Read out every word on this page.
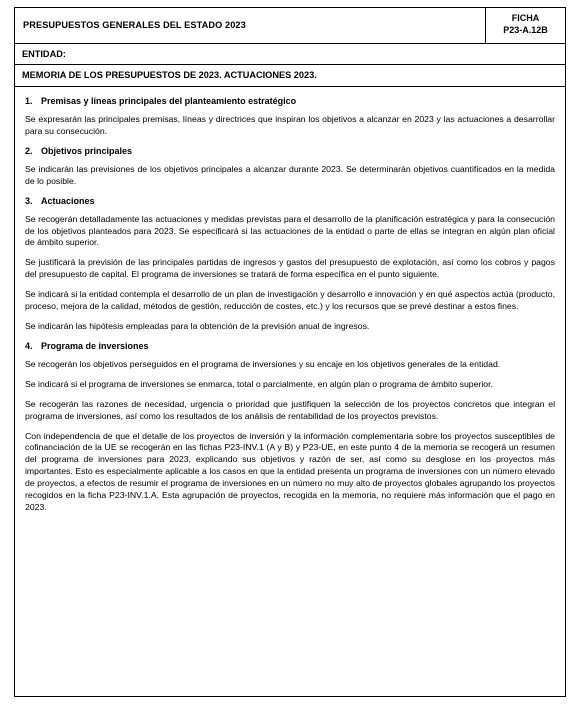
PRESUPUESTOS GENERALES DEL ESTADO 2023
FICHA
P23-A.12B
ENTIDAD:
MEMORIA DE LOS PRESUPUESTOS DE 2023. ACTUACIONES 2023.
1. Premisas y líneas principales del planteamiento estratégico

Se expresarán las principales premisas, líneas y directrices que inspiran los objetivos a alcanzar en 2023 y las actuaciones a desarrollar para su consecución.

2. Objetivos principales

Se indicarán las previsiones de los objetivos principales a alcanzar durante 2023. Se determinarán objetivos cuantificados en la medida de lo posible.

3. Actuaciones

Se recogerán detalladamente las actuaciones y medidas previstas para el desarrollo de la planificación estratégica y para la consecución de los objetivos planteados para 2023. Se especificará si las actuaciones de la entidad o parte de ellas se integran en algún plan oficial de ámbito superior.

Se justificará la previsión de las principales partidas de ingresos y gastos del presupuesto de explotación, así como los cobros y pagos del presupuesto de capital. El programa de inversiones se tratará de forma específica en el punto siguiente.

Se indicará si la entidad contempla el desarrollo de un plan de investigación y desarrollo e innovación y en qué aspectos actúa (producto, proceso, mejora de la calidad, métodos de gestión, reducción de costes, etc.) y los recursos que se prevé destinar a estos fines.

Se indicarán las hipótesis empleadas para la obtención de la previsión anual de ingresos.

4. Programa de inversiones

Se recogerán los objetivos perseguidos en el programa de inversiones y su encaje en los objetivos generales de la entidad.

Se indicará si el programa de inversiones se enmarca, total o parcialmente, en algún plan o programa de ámbito superior.

Se recogerán las razones de necesidad, urgencia o prioridad que justifiquen la selección de los proyectos concretos que integran el programa de inversiones, así como los resultados de los análisis de rentabilidad de los proyectos previstos.

Con independencia de que el detalle de los proyectos de inversión y la información complementaria sobre los proyectos susceptibles de cofinanciación de la UE se recogerán en las fichas P23-INV.1 (A y B) y P23-UE, en este punto 4 de la memoria se recogerá un resumen del programa de inversiones para 2023, explicando sus objetivos y razón de ser, así como su desglose en los proyectos más importantes. Esto es especialmente aplicable a los casos en que la entidad presenta un programa de inversiones con un número elevado de proyectos, a efectos de resumir el programa de inversiones en un número no muy alto de proyectos globales agrupando los proyectos recogidos en la ficha P23-INV.1.A. Esta agrupación de proyectos, recogida en la memoria, no requiere más información que el pago en 2023.
